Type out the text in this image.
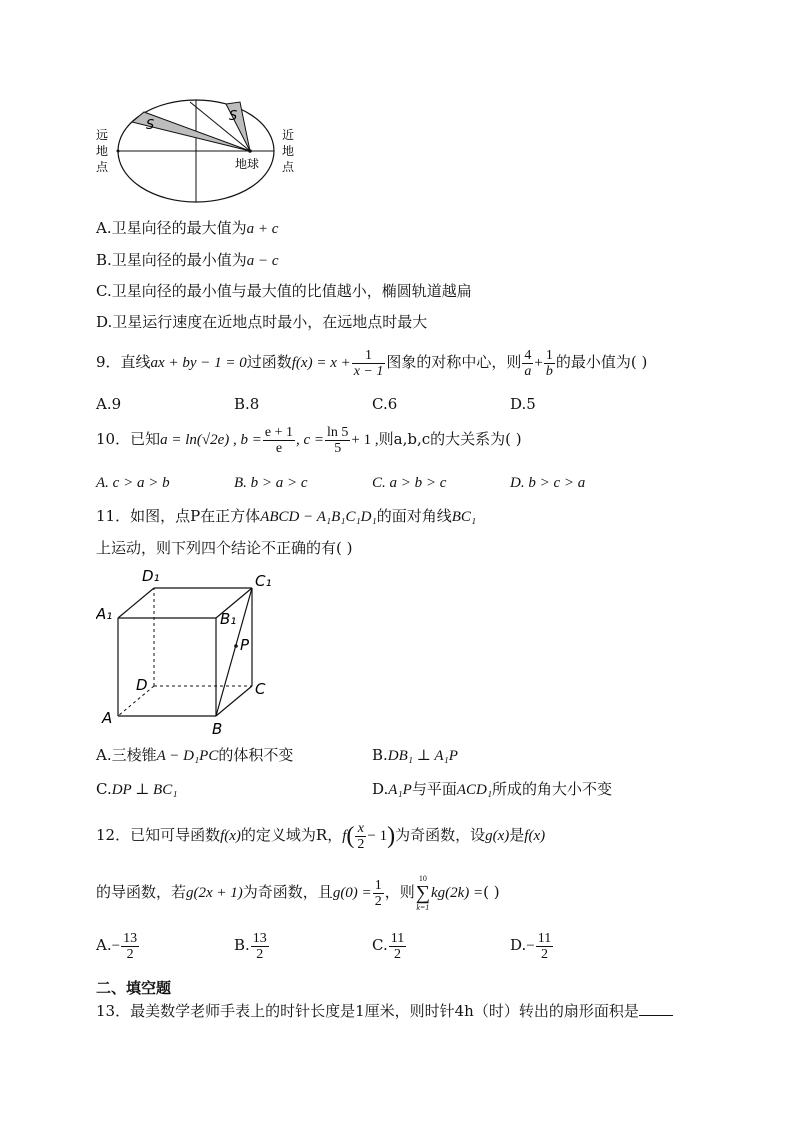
S
S
地球
远
地
点
近
地
点
A.卫星向径的最大值为a + c
B.卫星向径的最小值为a − c
C.卫星向径的最小值与最大值的比值越小，椭圆轨道越扁
D.卫星运行速度在近地点时最小，在远地点时最大
9．直线ax + by − 1 = 0过函数$f(x) = x + \frac{1}{x - 1}$ 图象的对称中心，则 $\frac{4}{a} + \frac{1}{b}$ 的最小值为( )
A.9	B.8	C.6	D.5
10．已知a = ln(√2e) , $b = \frac{e + 1}{e}$ , $c = \frac{\ln 5}{5} + 1$ ,则a,b,c的大关系为( )
A. c > a > b	B. b > a > c	C. a > b > c	D. b > c > a
11．如图，点P在正方体ABCD − A₁B₁C₁D₁的面对角线BC₁
上运动，则下列四个结论不正确的有( )
D₁	C₁
A₁	B₁
P
D	C
A
B
A.三棱锥A − D₁PC的体积不变	B.DB₁ ⊥ A₁P
C.DP ⊥ BC₁	D.A₁P与平面ACD₁所成的角大小不变
12．已知可导函数f(x)的定义域为R，$f( \frac{x}{2} - 1)$为奇函数，设g(x)是f(x)
的导函数，若g(2x + 1)为奇函数，且$g(0) = \frac{1}{2}$ ，则
10
∑
k=1
kg(2k) =( )
$A.- \frac{13}{2}$	B. $\frac{13}{2}$	C. $\frac{11}{2}$	$D.- \frac{11}{2}$
二、填空题
13．最美数学老师手表上的时针长度是1厘米，则时针4h（时）转出的扇形面积是
